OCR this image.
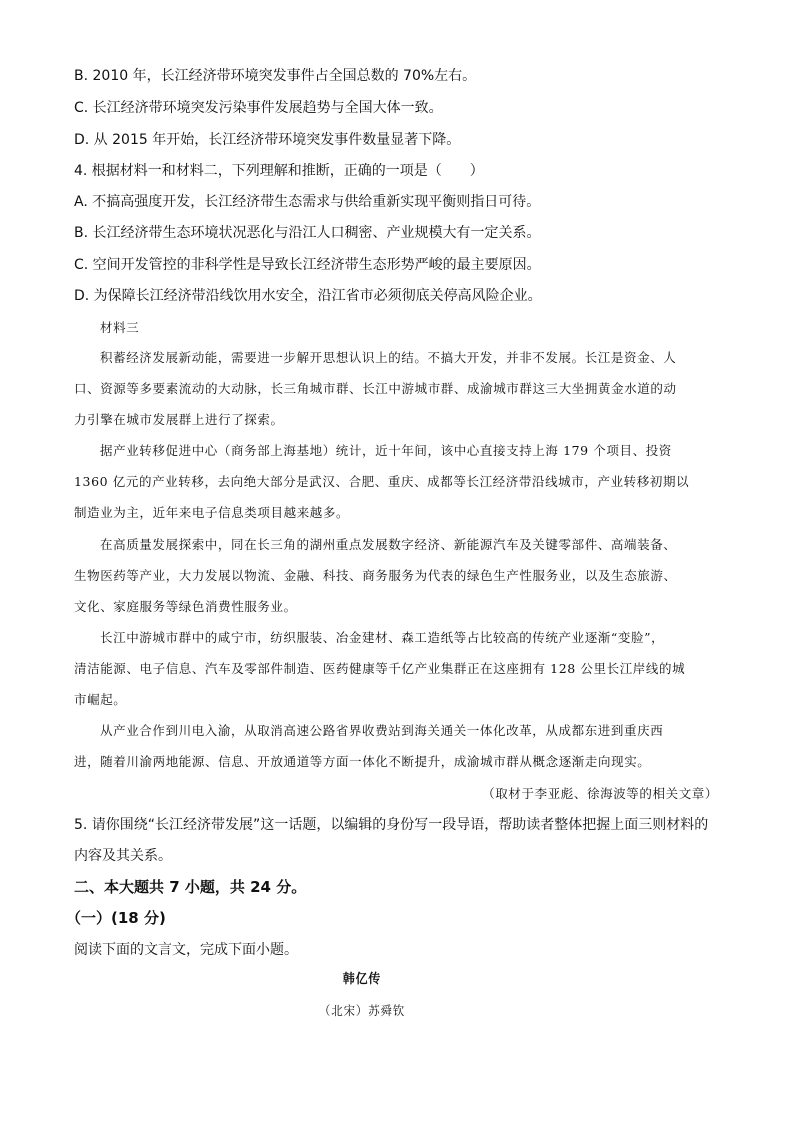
B. 2010 年，长江经济带环境突发事件占全国总数的 70%左右。
C. 长江经济带环境突发污染事件发展趋势与全国大体一致。
D. 从 2015 年开始，长江经济带环境突发事件数量显著下降。
4. 根据材料一和材料二，下列理解和推断，正确的一项是（　　）
A. 不搞高强度开发，长江经济带生态需求与供给重新实现平衡则指日可待。
B. 长江经济带生态环境状况恶化与沿江人口稠密、产业规模大有一定关系。
C. 空间开发管控的非科学性是导致长江经济带生态形势严峻的最主要原因。
D. 为保障长江经济带沿线饮用水安全，沿江省市必须彻底关停高风险企业。
材料三
积蓄经济发展新动能，需要进一步解开思想认识上的结。不搞大开发，并非不发展。长江是资金、人
口、资源等多要素流动的大动脉，长三角城市群、长江中游城市群、成渝城市群这三大坐拥黄金水道的动
力引擎在城市发展群上进行了探索。
据产业转移促进中心（商务部上海基地）统计，近十年间，该中心直接支持上海 179 个项目、投资
1360 亿元的产业转移，去向绝大部分是武汉、合肥、重庆、成都等长江经济带沿线城市，产业转移初期以
制造业为主，近年来电子信息类项目越来越多。
在高质量发展探索中，同在长三角的湖州重点发展数字经济、新能源汽车及关键零部件、高端装备、
生物医药等产业，大力发展以物流、金融、科技、商务服务为代表的绿色生产性服务业，以及生态旅游、
文化、家庭服务等绿色消费性服务业。
长江中游城市群中的咸宁市，纺织服装、冶金建材、森工造纸等占比较高的传统产业逐渐“变脸”，
清洁能源、电子信息、汽车及零部件制造、医药健康等千亿产业集群正在这座拥有 128 公里长江岸线的城
市崛起。
从产业合作到川电入渝，从取消高速公路省界收费站到海关通关一体化改革，从成都东进到重庆西
进，随着川渝两地能源、信息、开放通道等方面一体化不断提升，成渝城市群从概念逐渐走向现实。
（取材于李亚彪、徐海波等的相关文章）
5. 请你围绕“长江经济带发展”这一话题，以编辑的身份写一段导语，帮助读者整体把握上面三则材料的
内容及其关系。
二、本大题共 7 小题，共 24 分。
（一）(18 分)
阅读下面的文言文，完成下面小题。
韩亿传
（北宋）苏舜钦
